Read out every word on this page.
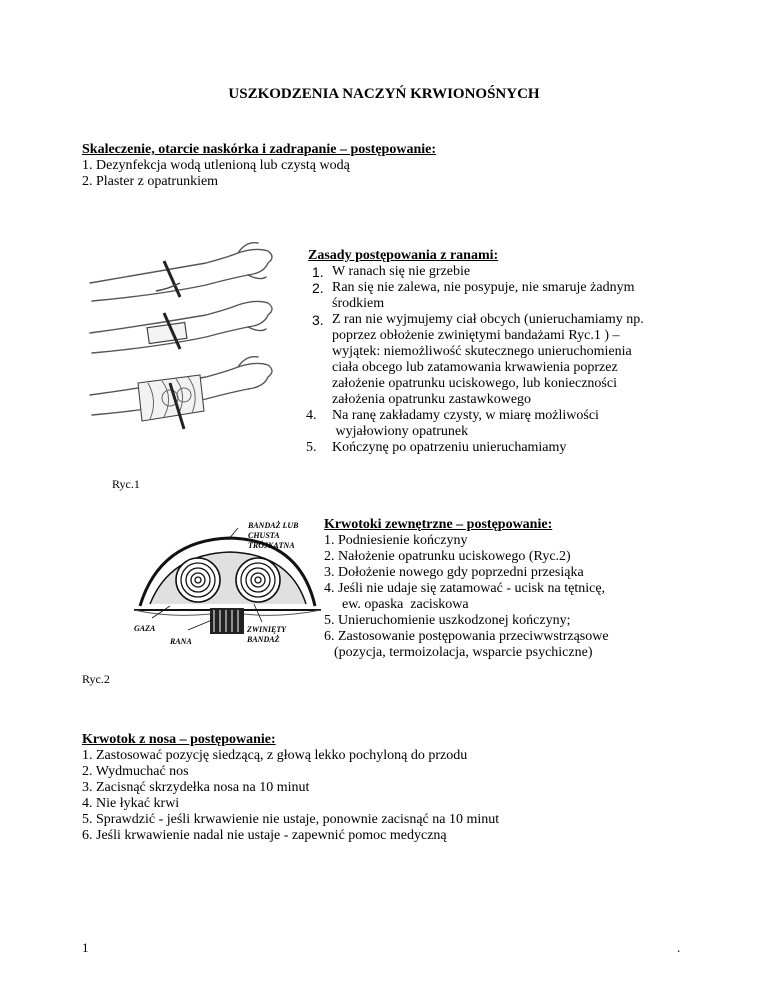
USZKODZENIA NACZYŃ KRWIONOŚNYCH
Skaleczenie, otarcie naskórka i zadrapanie – postępowanie:
1. Dezynfekcja wodą utlenioną lub czystą wodą
2. Plaster z opatrunkiem
Zasady postępowania z ranami:
1. W ranach się nie grzebie
2. Ran się nie zalewa, nie posypuje, nie smaruje żadnym
środkiem
3. Z ran nie wyjmujemy ciał obcych (unieruchamiamy np.
poprzez obłożenie zwiniętymi bandażami Ryc.1 ) –
wyjątek: niemożliwość skutecznego unieruchomienia
ciała obcego lub zatamowania krwawienia poprzez
założenie opatrunku uciskowego, lub konieczności
założenia opatrunku zastawkowego
4. Na ranę zakładamy czysty, w miarę możliwości
wyjałowiony opatrunek
5. Kończynę po opatrzeniu unieruchamiamy
Ryc.1
BANDAŻ LUB
CHUSTA
TRÓJKĄTNA
GAZA
RANA
ZWINIĘTY
BANDAŻ
Krwotoki zewnętrzne – postępowanie:
1. Podniesienie kończyny
2. Nałożenie opatrunku uciskowego (Ryc.2)
3. Dołożenie nowego gdy poprzedni przesiąka
4. Jeśli nie udaje się zatamować - ucisk na tętnicę,
ew. opaska  zaciskowa
5. Unieruchomienie uszkodzonej kończyny;
6. Zastosowanie postępowania przeciwwstrząsowe
(pozycja, termoizolacja, wsparcie psychiczne)
Ryc.2
Krwotok z nosa – postępowanie:
1. Zastosować pozycję siedzącą, z głową lekko pochyloną do przodu
2. Wydmuchać nos
3. Zacisnąć skrzydełka nosa na 10 minut
4. Nie łykać krwi
5. Sprawdzić - jeśli krwawienie nie ustaje, ponownie zacisnąć na 10 minut
6. Jeśli krwawienie nadal nie ustaje - zapewnić pomoc medyczną
1	.
